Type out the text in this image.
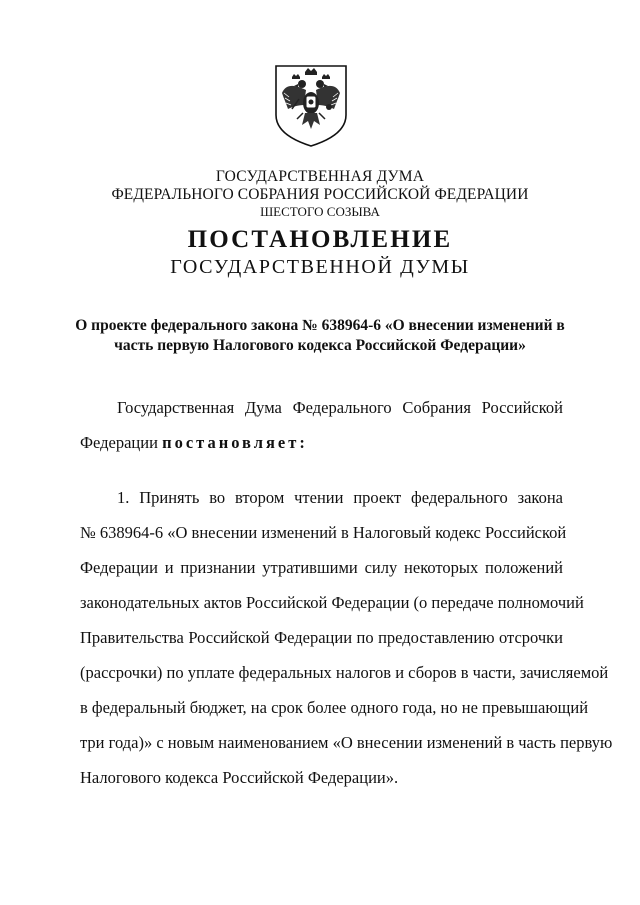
ГОСУДАРСТВЕННАЯ ДУМА
ФЕДЕРАЛЬНОГО СОБРАНИЯ РОССИЙСКОЙ ФЕДЕРАЦИИ
ШЕСТОГО СОЗЫВА
ПОСТАНОВЛЕНИЕ
ГОСУДАРСТВЕННОЙ ДУМЫ
О проекте федерального закона № 638964-6 «О внесении изменений в
часть первую Налогового кодекса Российской Федерации»
Государственная Дума Федерального Собрания Российской
Федерации постановляет:
1. Принять во втором чтении проект федерального закона
№ 638964-6 «О внесении изменений в Налоговый кодекс Российской
Федерации и признании утратившими силу некоторых положений
законодательных актов Российской Федерации (о передаче полномочий
Правительства Российской Федерации по предоставлению отсрочки
(рассрочки) по уплате федеральных налогов и сборов в части, зачисляемой
в федеральный бюджет, на срок более одного года, но не превышающий
три года)» с новым наименованием «О внесении изменений в часть первую
Налогового кодекса Российской Федерации».
